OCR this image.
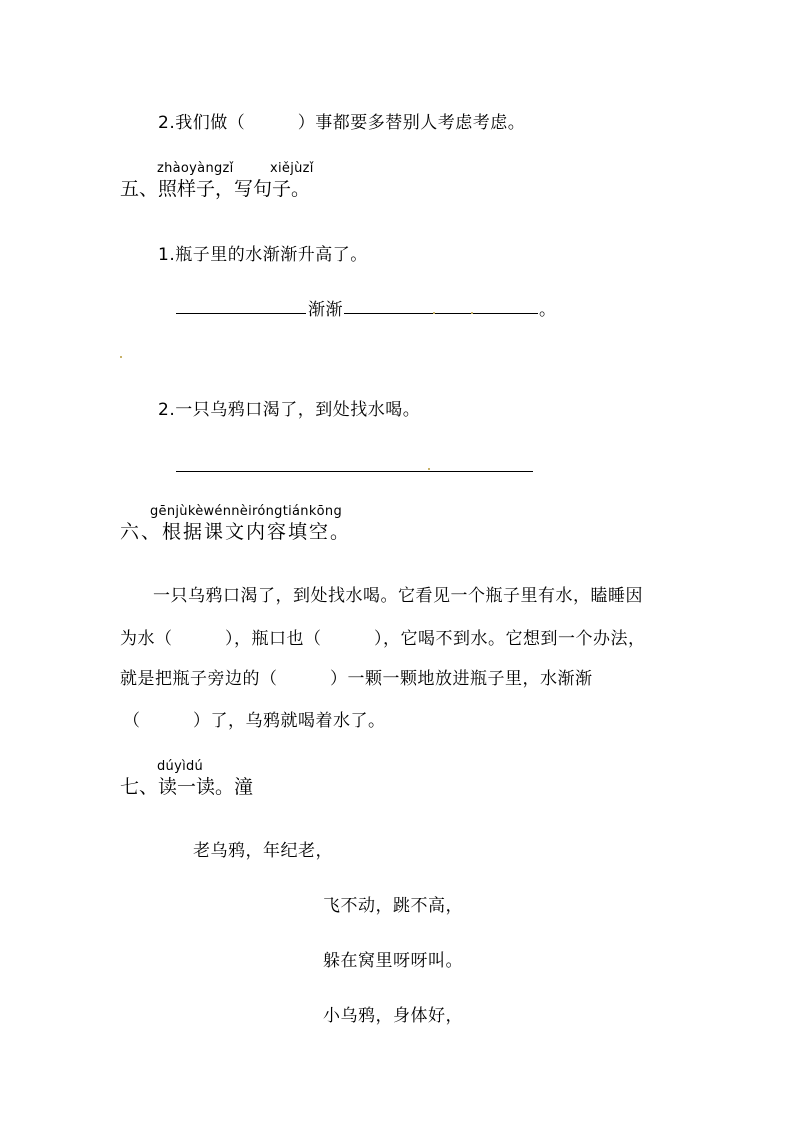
2.我们做（　　　）事都要多替别人考虑考虑。
zhàoyàngzǐ	xiějùzǐ
五、照样子，写句子。
1.瓶子里的水渐渐升高了。
渐渐	。
2.一只乌鸦口渴了，到处找水喝。
gēnjùkèwénnèiróngtiánkōng
六、根据课文内容填空。
一只乌鸦口渴了，到处找水喝。它看见一个瓶子里有水，瞌睡因
为水（　　　），瓶口也（　　　），它喝不到水。它想到一个办法，
就是把瓶子旁边的（　　　）一颗一颗地放进瓶子里，水渐渐
（　　　）了，乌鸦就喝着水了。
dúyìdú
七、读一读。潼
老乌鸦，年纪老，
飞不动，跳不高，
躲在窝里呀呀叫。
小乌鸦，身体好，
